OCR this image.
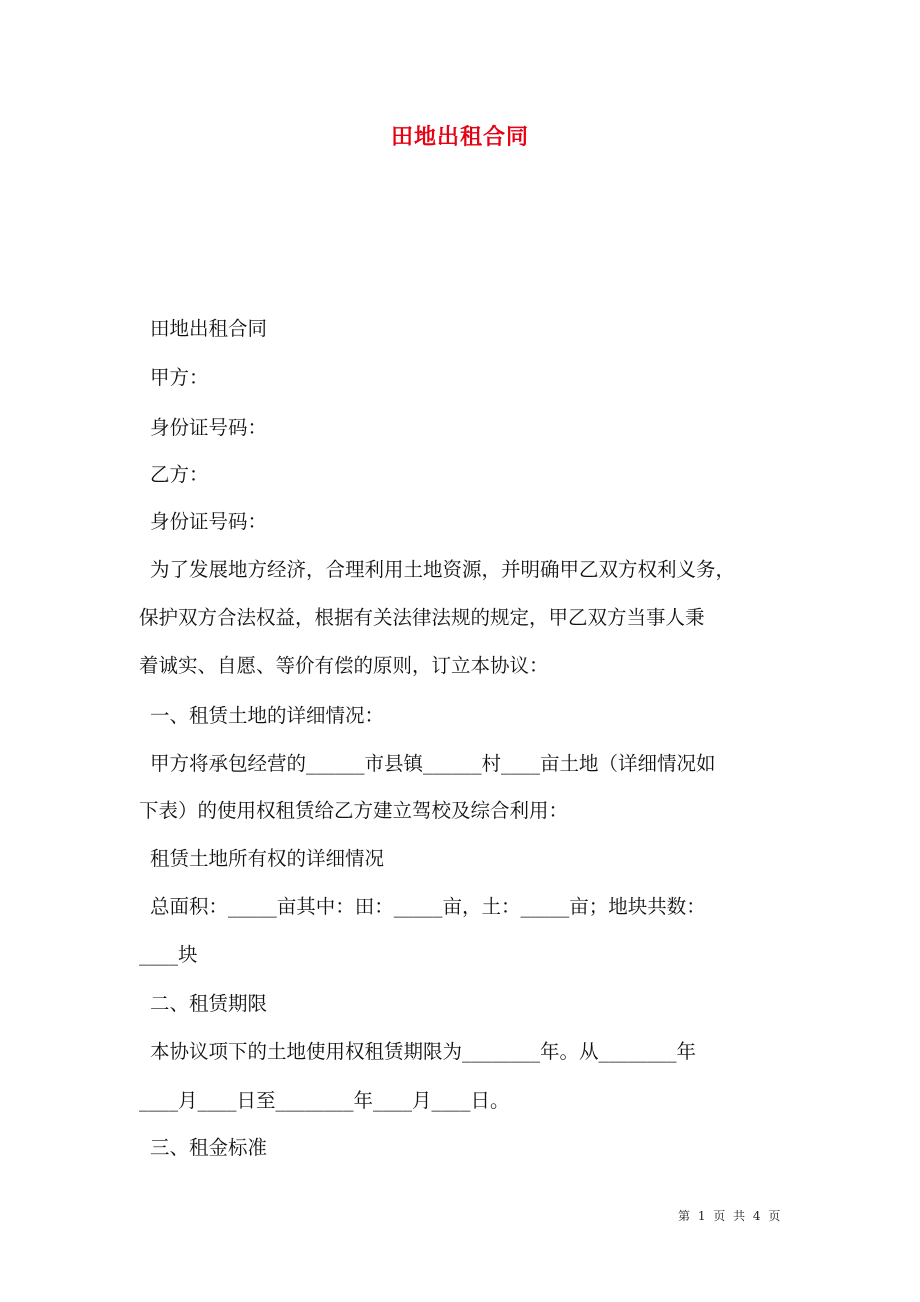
田地出租合同
田地出租合同
甲方：
身份证号码：
乙方：
身份证号码：
为了发展地方经济，合理利用土地资源，并明确甲乙双方权利义务，
保护双方合法权益，根据有关法律法规的规定，甲乙双方当事人秉
着诚实、自愿、等价有偿的原则，订立本协议：
一、租赁土地的详细情况：
甲方将承包经营的______市县镇______村____亩土地（详细情况如
下表）的使用权租赁给乙方建立驾校及综合利用：
租赁土地所有权的详细情况
总面积：_____亩其中：田：_____亩，土：_____亩；地块共数：
____块
二、租赁期限
本协议项下的土地使用权租赁期限为________年。从________年
____月____日至________年____月____日。
三、租金标准
第 1 页 共 4 页
